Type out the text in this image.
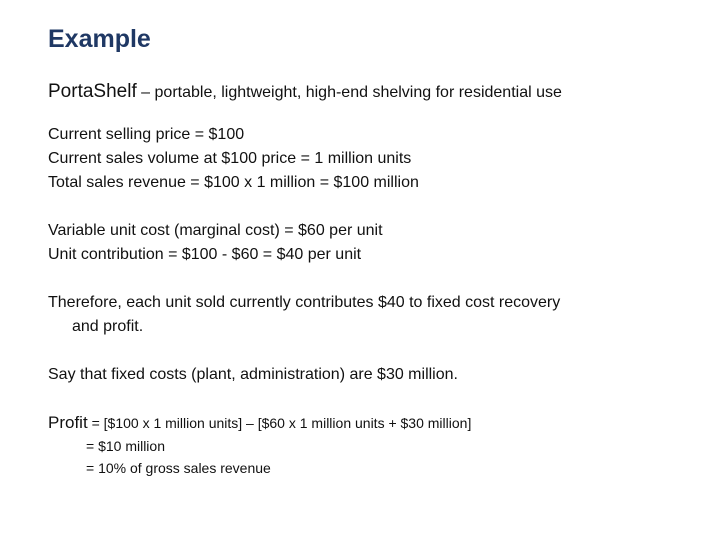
Example
PortaShelf – portable, lightweight, high-end shelving for residential use
Current selling price = $100
Current sales volume at $100 price = 1 million units
Total sales revenue = $100 x 1 million = $100 million
Variable unit cost (marginal cost) = $60 per unit
Unit contribution = $100 - $60 = $40 per unit
Therefore, each unit sold currently contributes $40 to fixed cost recovery
and profit.
Say that fixed costs (plant, administration) are $30 million.
Profit = [$100 x 1 million units] – [$60 x 1 million units + $30 million]
= $10 million
= 10% of gross sales revenue
